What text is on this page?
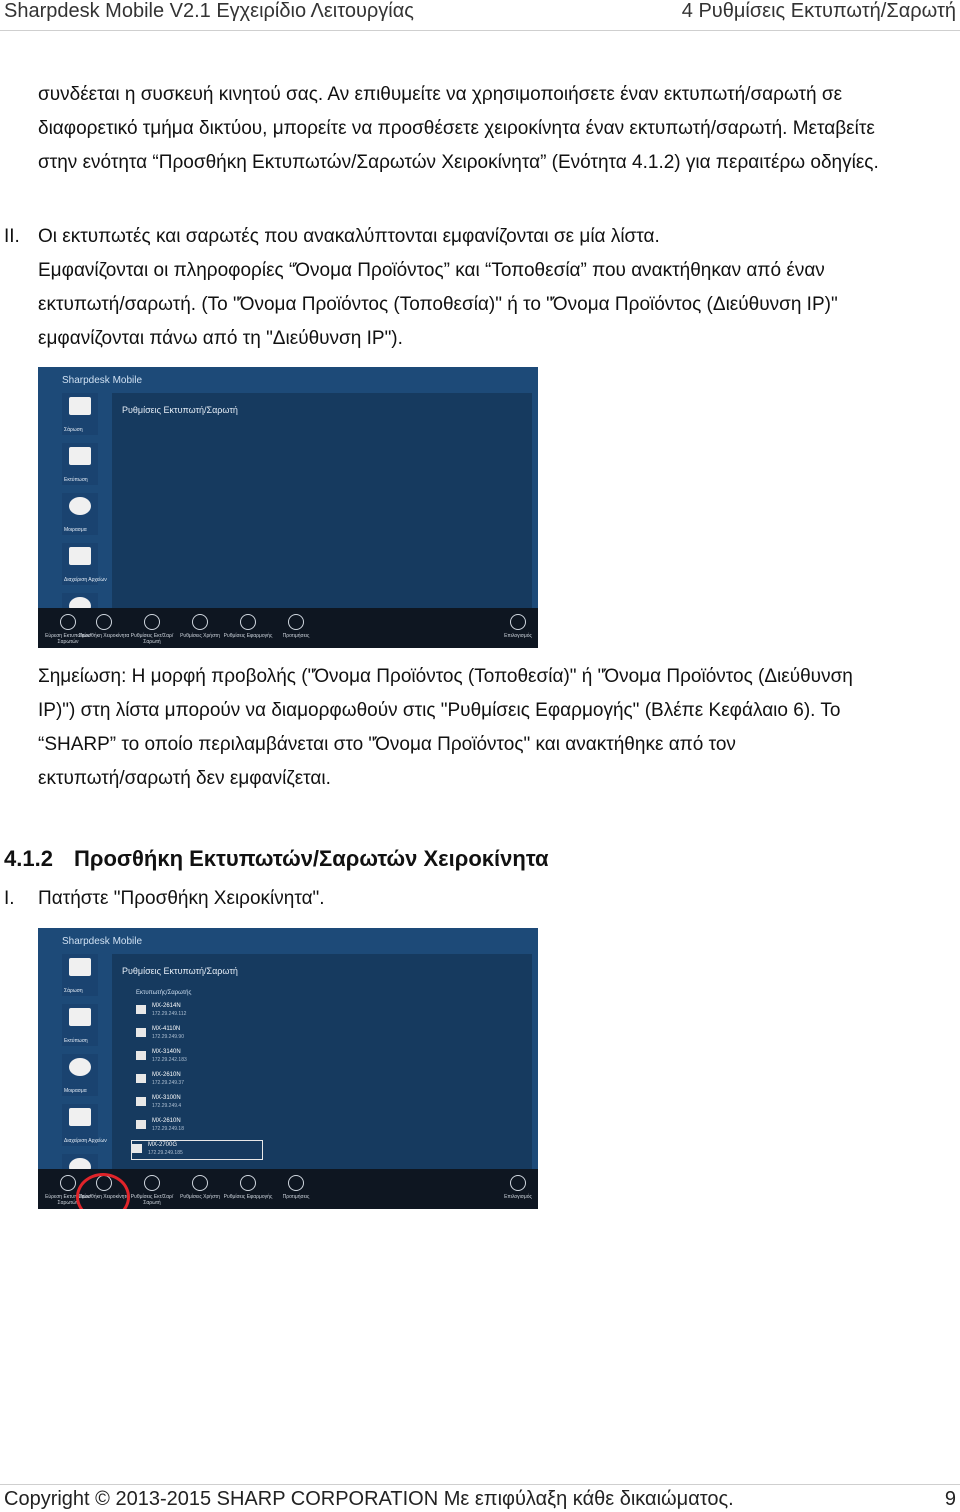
Sharpdesk Mobile V2.1 Εγχειρίδιο Λειτουργίας	4 Ρυθμίσεις Εκτυπωτή/Σαρωτή

συνδέεται η συσκευή κινητού σας. Αν επιθυμείτε να χρησιμοποιήσετε έναν εκτυπωτή/σαρωτή σε

διαφορετικό τμήμα δικτύου, μπορείτε να προσθέσετε χειροκίνητα έναν εκτυπωτή/σαρωτή. Μεταβείτε

στην ενότητα “Προσθήκη Εκτυπωτών/Σαρωτών Χειροκίνητα” (Ενότητα 4.1.2) για περαιτέρω οδηγίες.

II. Οι εκτυπωτές και σαρωτές που ανακαλύπτονται εμφανίζονται σε μία λίστα.

Εμφανίζονται οι πληροφορίες “Όνομα Προϊόντος” και “Τοποθεσία” που ανακτήθηκαν από έναν

εκτυπωτή/σαρωτή. (Το "Όνομα Προϊόντος (Τοποθεσία)" ή το "Όνομα Προϊόντος (Διεύθυνση IP)"

εμφανίζονται πάνω από τη "Διεύθυνση IP").

Sharpdesk Mobile
Σάρωση
Εκτύπωση
Μοιρασμα
Διαχείριση Αρχείων
Ρυθμίσεις Εκτυπωτή/Σαρωτή
Εύρεση Εκτυπωτών/ Σαρωτών
Προσθήκη Χειροκίνητα Ρυθμίσεις Εκτ/Σαρ/ Σαρωτή
Ρυθμίσεις Χρήστη Ρυθμίσεις Εφαρμογής	Προτιμήσεις	Επιλογισμός

Σημείωση: Η μορφή προβολής ("Όνομα Προϊόντος (Τοποθεσία)" ή "Όνομα Προϊόντος (Διεύθυνση

IP)") στη λίστα μπορούν να διαμορφωθούν στις "Ρυθμίσεις Εφαρμογής" (Βλέπε Κεφάλαιο 6). Το

“SHARP” το οποίο περιλαμβάνεται στο "Όνομα Προϊόντος" και ανακτήθηκε από τον

εκτυπωτή/σαρωτή δεν εμφανίζεται.

4.1.2 Προσθήκη Εκτυπωτών/Σαρωτών Χειροκίνητα
I. Πατήστε "Προσθήκη Χειροκίνητα".

Sharpdesk Mobile
Σάρωση
Εκτύπωση
Μοιρασμα
Διαχείριση Αρχείων
Ρυθμίσεις Εκτυπωτή/Σαρωτή
Εκτυπωτής/Σαρωτής
MX-2614N
172.29.249.112
MX-4110N
172.29.249.90
MX-3140N
172.29.242.183
MX-2610N
172.29.249.37
MX-3100N
172.29.249.4
MX-2610N
172.29.249.18
MX-2700G
172.29.249.185
Εύρεση Εκτυπωτών/ Σαρωτών
Προσθήκη Χειροκίνητα Ρυθμίσεις Εκτ/Σαρ/ Σαρωτή
Ρυθμίσεις Χρήστη Ρυθμίσεις Εφαρμογής	Προτιμήσεις	Επιλογισμός
Copyright © 2013-2015 SHARP CORPORATION Με επιφύλαξη κάθε δικαιώματος.	9
